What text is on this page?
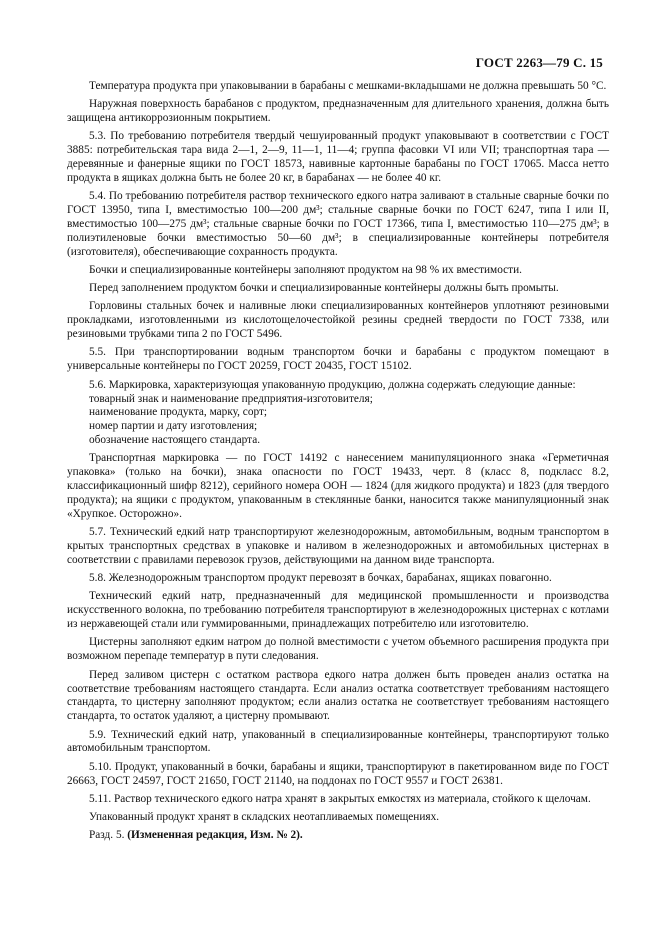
ГОСТ 2263—79 С. 15

Температура продукта при упаковывании в барабаны с мешками-вкладышами не должна превышать 50 °С.

Наружная поверхность барабанов с продуктом, предназначенным для длительного хранения, должна быть защищена антикоррозионным покрытием.

5.3. По требованию потребителя твердый чешуированный продукт упаковывают в соответствии с ГОСТ 3885: потребительская тара вида 2—1, 2—9, 11—1, 11—4; группа фасовки VI или VII; транспортная тара — деревянные и фанерные ящики по ГОСТ 18573, навивные картонные барабаны по ГОСТ 17065. Масса нетто продукта в ящиках должна быть не более 20 кг, в барабанах — не более 40 кг.

5.4. По требованию потребителя раствор технического едкого натра заливают в стальные сварные бочки по ГОСТ 13950, типа I, вместимостью 100—200 дм³; стальные сварные бочки по ГОСТ 6247, типа I или II, вместимостью 100—275 дм³; стальные сварные бочки по ГОСТ 17366, типа I, вместимостью 110—275 дм³; в полиэтиленовые бочки вместимостью 50—60 дм³; в специализированные контейнеры потребителя (изготовителя), обеспечивающие сохранность продукта.

Бочки и специализированные контейнеры заполняют продуктом на 98 % их вместимости.

Перед заполнением продуктом бочки и специализированные контейнеры должны быть промыты.

Горловины стальных бочек и наливные люки специализированных контейнеров уплотняют резиновыми прокладками, изготовленными из кислотощелочестойкой резины средней твердости по ГОСТ 7338, или резиновыми трубками типа 2 по ГОСТ 5496.

5.5. При транспортировании водным транспортом бочки и барабаны с продуктом помещают в универсальные контейнеры по ГОСТ 20259, ГОСТ 20435, ГОСТ 15102.

5.6. Маркировка, характеризующая упакованную продукцию, должна содержать следующие данные:

товарный знак и наименование предприятия-изготовителя;

наименование продукта, марку, сорт;

номер партии и дату изготовления;

обозначение настоящего стандарта.

Транспортная маркировка — по ГОСТ 14192 с нанесением манипуляционного знака «Герметичная упаковка» (только на бочки), знака опасности по ГОСТ 19433, черт. 8 (класс 8, подкласс 8.2, классификационный шифр 8212), серийного номера ООН — 1824 (для жидкого продукта) и 1823 (для твердого продукта); на ящики с продуктом, упакованным в стеклянные банки, наносится также манипуляционный знак «Хрупкое. Осторожно».

5.7. Технический едкий натр транспортируют железнодорожным, автомобильным, водным транспортом в крытых транспортных средствах в упаковке и наливом в железнодорожных и автомобильных цистернах в соответствии с правилами перевозок грузов, действующими на данном виде транспорта.

5.8. Железнодорожным транспортом продукт перевозят в бочках, барабанах, ящиках повагонно.

Технический едкий натр, предназначенный для медицинской промышленности и производства искусственного волокна, по требованию потребителя транспортируют в железнодорожных цистернах с котлами из нержавеющей стали или гуммированными, принадлежащих потребителю или изготовителю.

Цистерны заполняют едким натром до полной вместимости с учетом объемного расширения продукта при возможном перепаде температур в пути следования.

Перед заливом цистерн с остатком раствора едкого натра должен быть проведен анализ остатка на соответствие требованиям настоящего стандарта. Если анализ остатка соответствует требованиям настоящего стандарта, то цистерну заполняют продуктом; если анализ остатка не соответствует требованиям настоящего стандарта, то остаток удаляют, а цистерну промывают.

5.9. Технический едкий натр, упакованный в специализированные контейнеры, транспортируют только автомобильным транспортом.

5.10. Продукт, упакованный в бочки, барабаны и ящики, транспортируют в пакетированном виде по ГОСТ 26663, ГОСТ 24597, ГОСТ 21650, ГОСТ 21140, на поддонах по ГОСТ 9557 и ГОСТ 26381.

5.11. Раствор технического едкого натра хранят в закрытых емкостях из материала, стойкого к щелочам.

Упакованный продукт хранят в складских неотапливаемых помещениях.

Разд. 5. (Измененная редакция, Изм. № 2).
